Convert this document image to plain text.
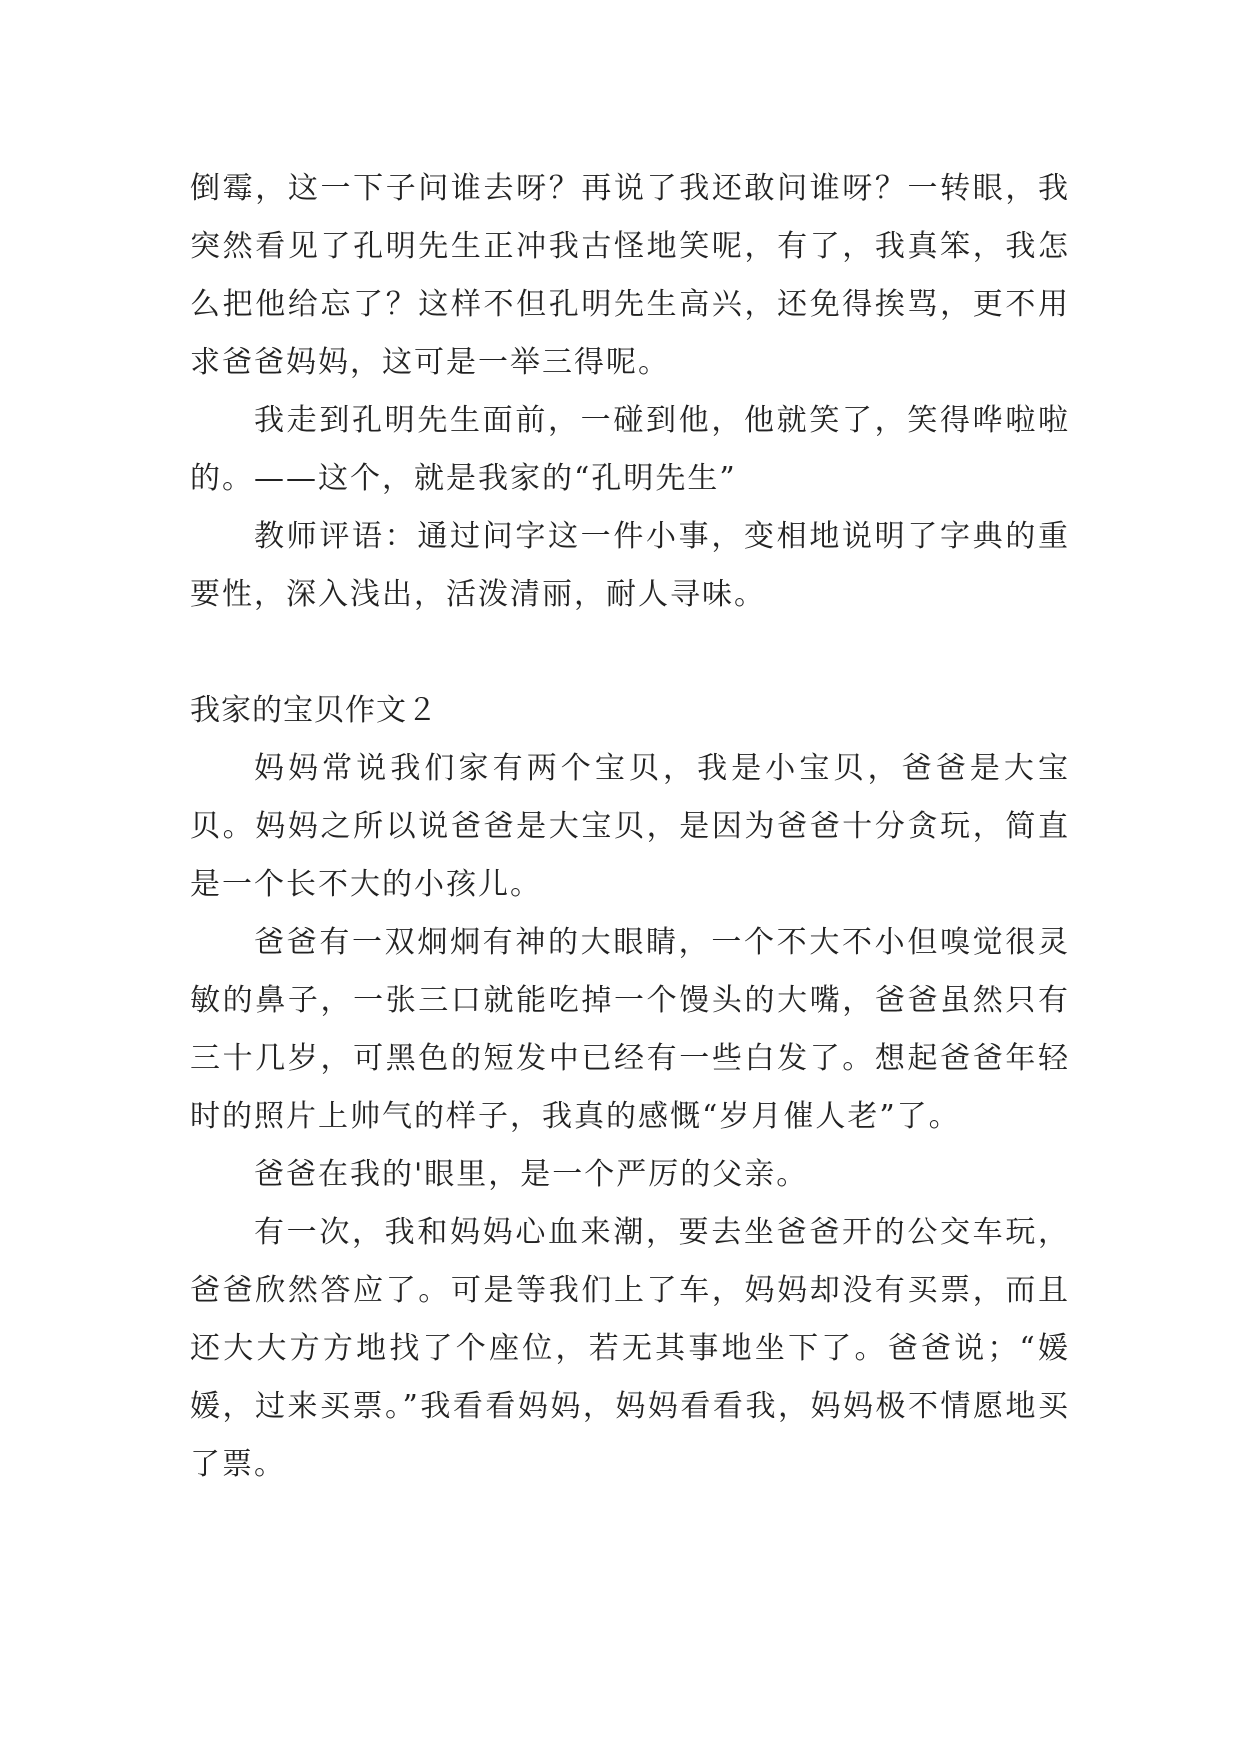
倒霉，这一下子问谁去呀？再说了我还敢问谁呀？一转眼，我突然看见了孔明先生正冲我古怪地笑呢，有了，我真笨，我怎么把他给忘了？这样不但孔明先生高兴，还免得挨骂，更不用求爸爸妈妈，这可是一举三得呢。

我走到孔明先生面前，一碰到他，他就笑了，笑得哗啦啦的。——这个，就是我家的“孔明先生”

教师评语：通过问字这一件小事，变相地说明了字典的重要性，深入浅出，活泼清丽，耐人寻味。

我家的宝贝作文２

妈妈常说我们家有两个宝贝，我是小宝贝，爸爸是大宝贝。妈妈之所以说爸爸是大宝贝，是因为爸爸十分贪玩，简直是一个长不大的小孩儿。

爸爸有一双炯炯有神的大眼睛，一个不大不小但嗅觉很灵敏的鼻子，一张三口就能吃掉一个馒头的大嘴，爸爸虽然只有三十几岁，可黑色的短发中已经有一些白发了。想起爸爸年轻时的照片上帅气的样子，我真的感慨“岁月催人老”了。

爸爸在我的'眼里，是一个严厉的父亲。

有一次，我和妈妈心血来潮，要去坐爸爸开的公交车玩，爸爸欣然答应了。可是等我们上了车，妈妈却没有买票，而且还大大方方地找了个座位，若无其事地坐下了。爸爸说；“媛媛，过来买票。”我看看妈妈，妈妈看看我，妈妈极不情愿地买了票。
